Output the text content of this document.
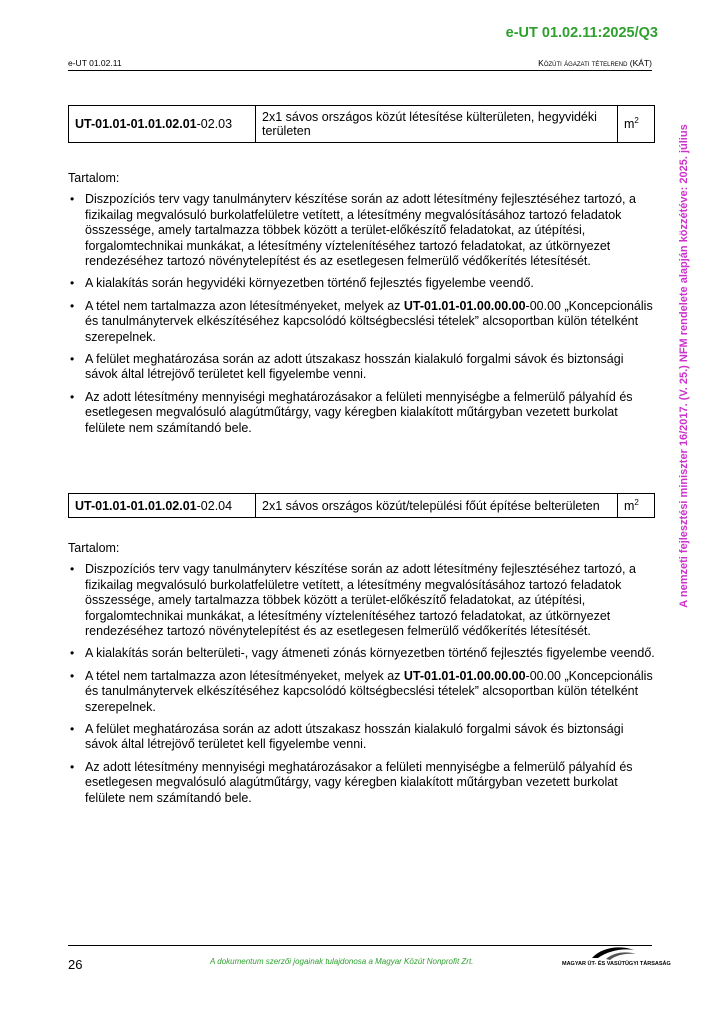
e-UT 01.02.11:2025/Q3
e-UT 01.02.11	Közúti ágazati tételrend (KÁT)
A nemzeti fejlesztési miniszter 16/2017. (V. 25.) NFM rendelete alapján közzétéve: 2025. július
UT-01.01-01.01.02.01-02.03	2x1 sávos országos közút létesítése külterületen, hegyvidéki területen	$m^2$

Tartalom:

• Diszpozíciós terv vagy tanulmányterv készítése során az adott létesítmény fejlesztéséhez tartozó, a fizikailag megvalósuló burkolatfelületre vetített, a létesítmény megvalósításához tartozó feladatok összessége, amely tartalmazza többek között a terület-előkészítő feladatokat, az útépítési, forgalomtechnikai munkákat, a létesítmény víztelenítéséhez tartozó feladatokat, az útkörnyezet rendezéséhez tartozó növénytelepítést és az esetlegesen felmerülő védőkerítés létesítését.
• A kialakítás során hegyvidéki környezetben történő fejlesztés figyelembe veendő.
• A tétel nem tartalmazza azon létesítményeket, melyek az UT-01.01-01.00.00.00-00.00 „Koncepcionális és tanulmánytervek elkészítéséhez kapcsolódó költségbecslési tételek” alcsoportban külön tételként szerepelnek.
• A felület meghatározása során az adott útszakasz hosszán kialakuló forgalmi sávok és biztonsági sávok által létrejövő területet kell figyelembe venni.
• Az adott létesítmény mennyiségi meghatározásakor a felületi mennyiségbe a felmerülő pályahíd és esetlegesen megvalósuló alagútműtárgy, vagy kéregben kialakított műtárgyban vezetett burkolat felülete nem számítandó bele.
UT-01.01-01.01.02.01-02.04	2x1 sávos országos közút/települési főút építése belterületen	$m^2$

Tartalom:

• Diszpozíciós terv vagy tanulmányterv készítése során az adott létesítmény fejlesztéséhez tartozó, a fizikailag megvalósuló burkolatfelületre vetített, a létesítmény megvalósításához tartozó feladatok összessége, amely tartalmazza többek között a terület-előkészítő feladatokat, az útépítési, forgalomtechnikai munkákat, a létesítmény víztelenítéséhez tartozó feladatokat, az útkörnyezet rendezéséhez tartozó növénytelepítést és az esetlegesen felmerülő védőkerítés létesítését.
• A kialakítás során belterületi-, vagy átmeneti zónás környezetben történő fejlesztés figyelembe veendő.
• A tétel nem tartalmazza azon létesítményeket, melyek az UT-01.01-01.00.00.00-00.00 „Koncepcionális és tanulmánytervek elkészítéséhez kapcsolódó költségbecslési tételek” alcsoportban külön tételként szerepelnek.
• A felület meghatározása során az adott útszakasz hosszán kialakuló forgalmi sávok és biztonsági sávok által létrejövő területet kell figyelembe venni.
• Az adott létesítmény mennyiségi meghatározásakor a felületi mennyiségbe a felmerülő pályahíd és esetlegesen megvalósuló alagútműtárgy, vagy kéregben kialakított műtárgyban vezetett burkolat felülete nem számítandó bele.
26	A dokumentum szerzői jogainak tulajdonosa a Magyar Közút Nonprofit Zrt.	MAGYAR ÚT- ÉS VASÚTÜGYI TÁRSASÁG
